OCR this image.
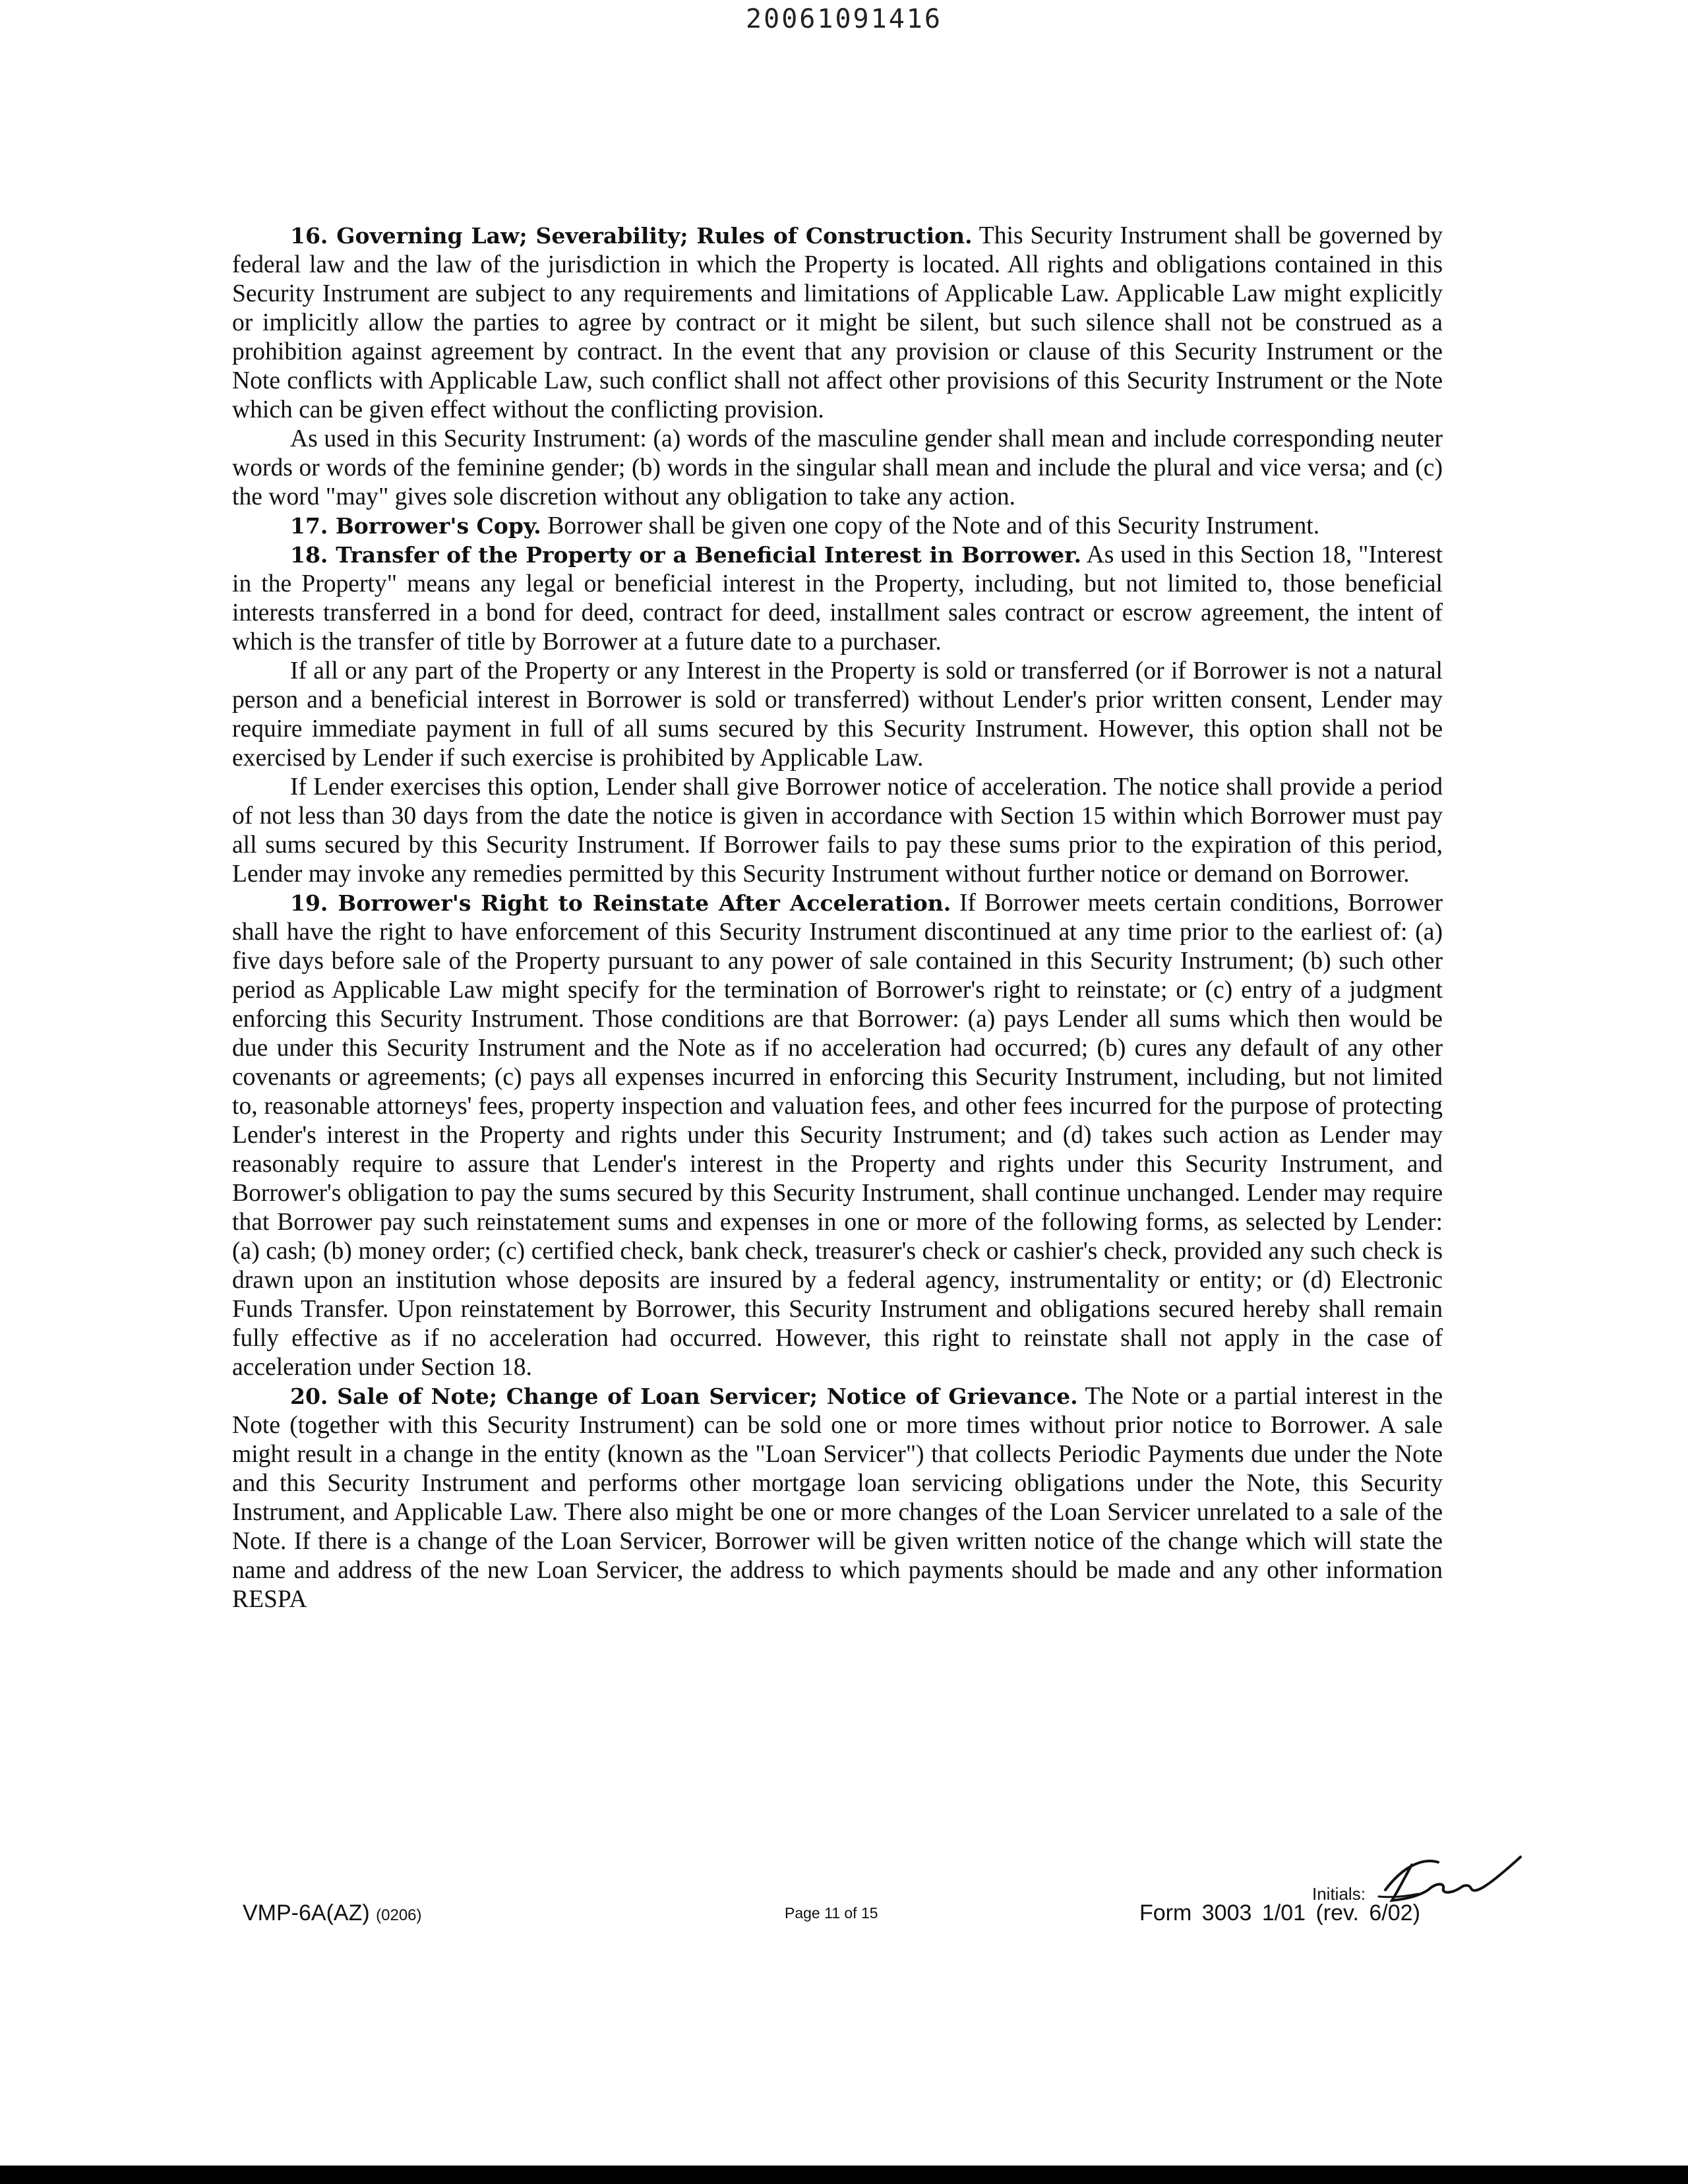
20061091416

16. Governing Law; Severability; Rules of Construction. This Security Instrument shall be governed by federal law and the law of the jurisdiction in which the Property is located. All rights and obligations contained in this Security Instrument are subject to any requirements and limitations of Applicable Law. Applicable Law might explicitly or implicitly allow the parties to agree by contract or it might be silent, but such silence shall not be construed as a prohibition against agreement by contract. In the event that any provision or clause of this Security Instrument or the Note conflicts with Applicable Law, such conflict shall not affect other provisions of this Security Instrument or the Note which can be given effect without the conflicting provision.

As used in this Security Instrument: (a) words of the masculine gender shall mean and include corresponding neuter words or words of the feminine gender; (b) words in the singular shall mean and include the plural and vice versa; and (c) the word "may" gives sole discretion without any obligation to take any action.

17. Borrower's Copy. Borrower shall be given one copy of the Note and of this Security Instrument.

18. Transfer of the Property or a Beneficial Interest in Borrower. As used in this Section 18, "Interest in the Property" means any legal or beneficial interest in the Property, including, but not limited to, those beneficial interests transferred in a bond for deed, contract for deed, installment sales contract or escrow agreement, the intent of which is the transfer of title by Borrower at a future date to a purchaser.

If all or any part of the Property or any Interest in the Property is sold or transferred (or if Borrower is not a natural person and a beneficial interest in Borrower is sold or transferred) without Lender's prior written consent, Lender may require immediate payment in full of all sums secured by this Security Instrument. However, this option shall not be exercised by Lender if such exercise is prohibited by Applicable Law.

If Lender exercises this option, Lender shall give Borrower notice of acceleration. The notice shall provide a period of not less than 30 days from the date the notice is given in accordance with Section 15 within which Borrower must pay all sums secured by this Security Instrument. If Borrower fails to pay these sums prior to the expiration of this period, Lender may invoke any remedies permitted by this Security Instrument without further notice or demand on Borrower.

19. Borrower's Right to Reinstate After Acceleration. If Borrower meets certain conditions, Borrower shall have the right to have enforcement of this Security Instrument discontinued at any time prior to the earliest of: (a) five days before sale of the Property pursuant to any power of sale contained in this Security Instrument; (b) such other period as Applicable Law might specify for the termination of Borrower's right to reinstate; or (c) entry of a judgment enforcing this Security Instrument. Those conditions are that Borrower: (a) pays Lender all sums which then would be due under this Security Instrument and the Note as if no acceleration had occurred; (b) cures any default of any other covenants or agreements; (c) pays all expenses incurred in enforcing this Security Instrument, including, but not limited to, reasonable attorneys' fees, property inspection and valuation fees, and other fees incurred for the purpose of protecting Lender's interest in the Property and rights under this Security Instrument; and (d) takes such action as Lender may reasonably require to assure that Lender's interest in the Property and rights under this Security Instrument, and Borrower's obligation to pay the sums secured by this Security Instrument, shall continue unchanged. Lender may require that Borrower pay such reinstatement sums and expenses in one or more of the following forms, as selected by Lender: (a) cash; (b) money order; (c) certified check, bank check, treasurer's check or cashier's check, provided any such check is drawn upon an institution whose deposits are insured by a federal agency, instrumentality or entity; or (d) Electronic Funds Transfer. Upon reinstatement by Borrower, this Security Instrument and obligations secured hereby shall remain fully effective as if no acceleration had occurred. However, this right to reinstate shall not apply in the case of acceleration under Section 18.

20. Sale of Note; Change of Loan Servicer; Notice of Grievance. The Note or a partial interest in the Note (together with this Security Instrument) can be sold one or more times without prior notice to Borrower. A sale might result in a change in the entity (known as the "Loan Servicer") that collects Periodic Payments due under the Note and this Security Instrument and performs other mortgage loan servicing obligations under the Note, this Security Instrument, and Applicable Law. There also might be one or more changes of the Loan Servicer unrelated to a sale of the Note. If there is a change of the Loan Servicer, Borrower will be given written notice of the change which will state the name and address of the new Loan Servicer, the address to which payments should be made and any other information RESPA

Initials:
VMP-6A(AZ) (0206)	Page 11 of 15	Form 3003 1/01 (rev. 6/02)
